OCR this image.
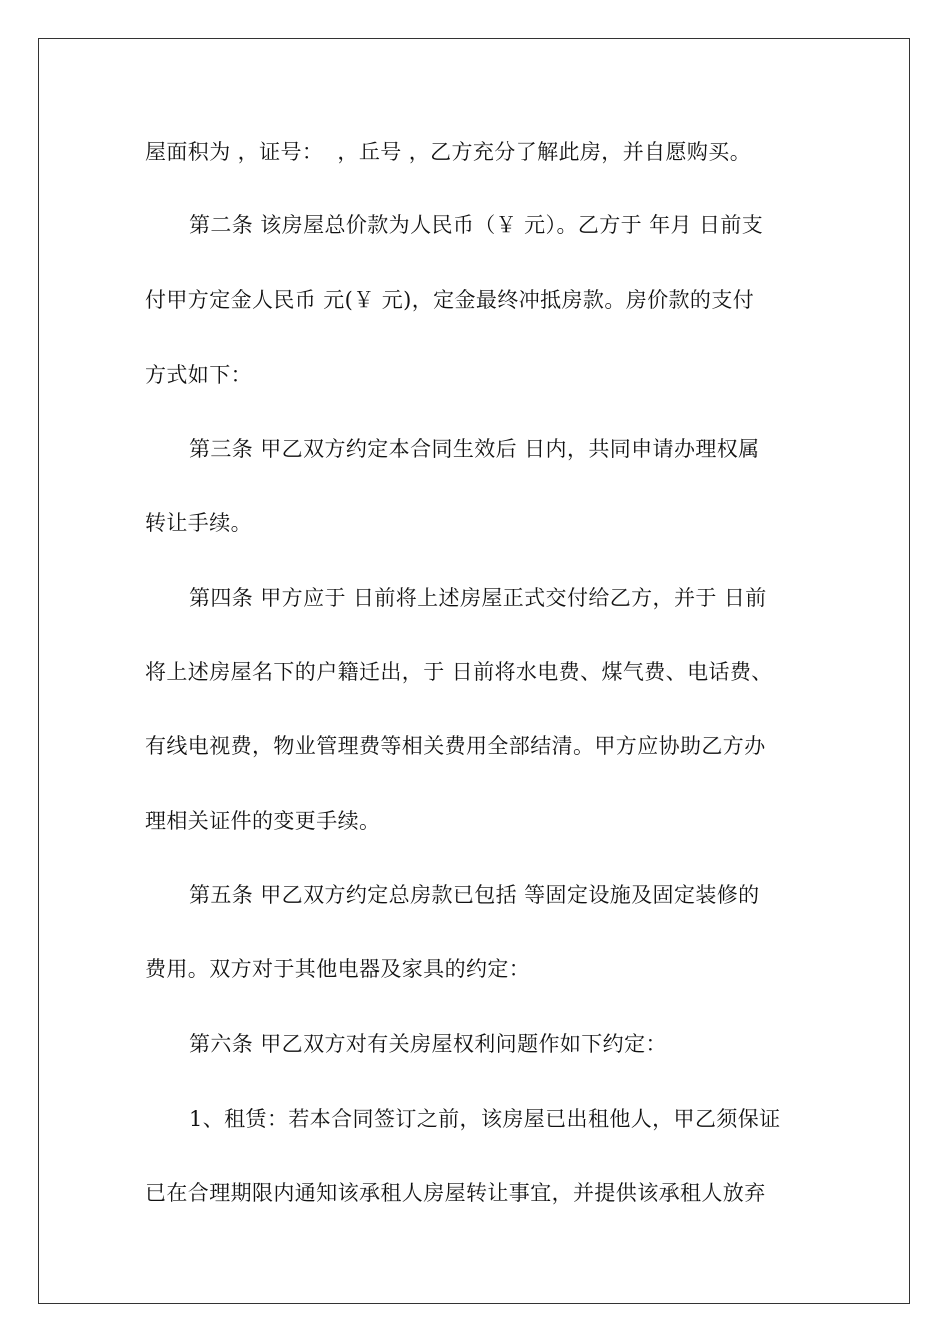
屋面积为 ，证号：  ，丘号 ，乙方充分了解此房，并自愿购买。
第二条 该房屋总价款为人民币（￥ 元）。乙方于 年月 日前支
付甲方定金人民币 元(￥ 元)，定金最终冲抵房款。房价款的支付
方式如下：
第三条 甲乙双方约定本合同生效后 日内，共同申请办理权属
转让手续。
第四条 甲方应于 日前将上述房屋正式交付给乙方，并于 日前
将上述房屋名下的户籍迁出，于 日前将水电费、煤气费、电话费、
有线电视费，物业管理费等相关费用全部结清。甲方应协助乙方办
理相关证件的变更手续。
第五条 甲乙双方约定总房款已包括 等固定设施及固定装修的
费用。双方对于其他电器及家具的约定：
第六条 甲乙双方对有关房屋权利问题作如下约定：
1、租赁：若本合同签订之前，该房屋已出租他人，甲乙须保证
已在合理期限内通知该承租人房屋转让事宜，并提供该承租人放弃
